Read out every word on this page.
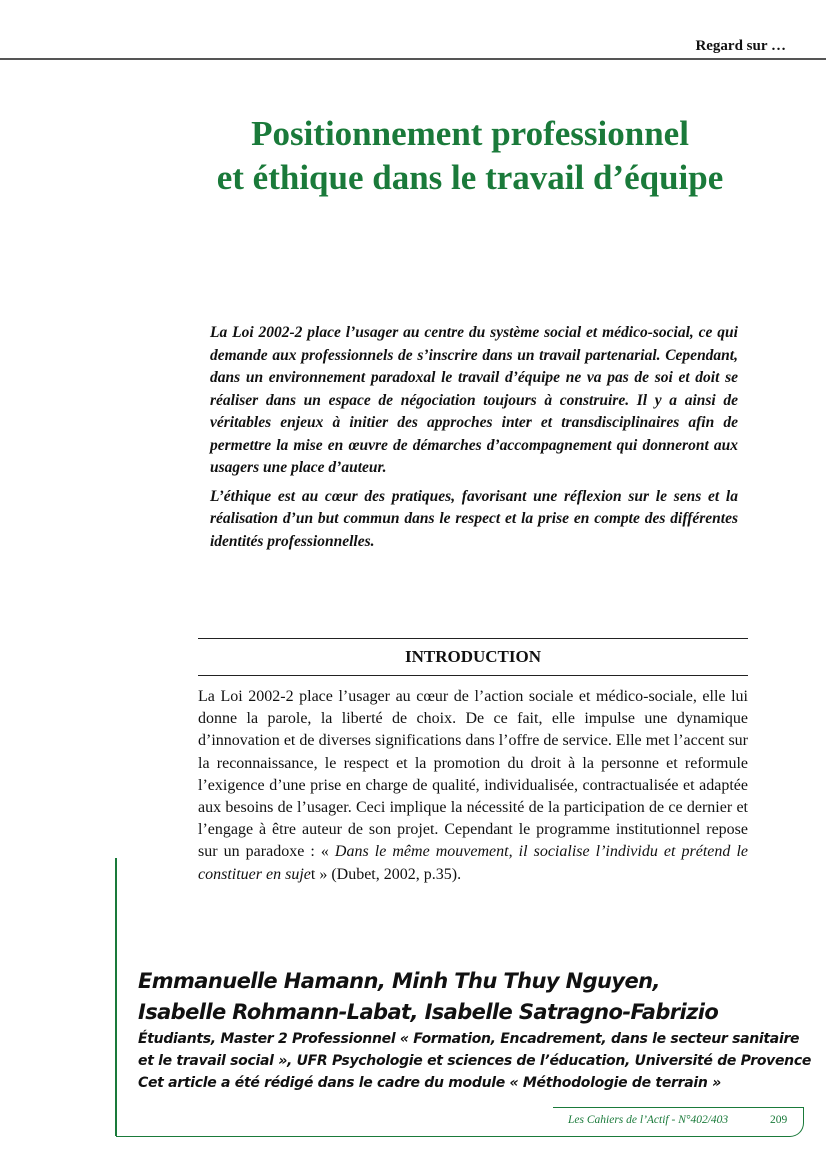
Regard sur …
Positionnement professionnel
et éthique dans le travail d’équipe

La Loi 2002-2 place l’usager au centre du système social et médico-social, ce qui demande aux professionnels de s’inscrire dans un travail partenarial. Cependant, dans un environnement paradoxal le travail d’équipe ne va pas de soi et doit se réaliser dans un espace de négociation toujours à construire. Il y a ainsi de véritables enjeux à initier des approches inter et transdisciplinaires afin de permettre la mise en œuvre de démarches d’accompagnement qui donneront aux usagers une place d’auteur.

L’éthique est au cœur des pratiques, favorisant une réflexion sur le sens et la réalisation d’un but commun dans le respect et la prise en compte des différentes identités professionnelles.

INTRODUCTION

La Loi 2002-2 place l’usager au cœur de l’action sociale et médico-sociale, elle lui donne la parole, la liberté de choix. De ce fait, elle impulse une dynamique d’innovation et de diverses significations dans l’offre de service. Elle met l’accent sur la reconnaissance, le respect et la promotion du droit à la personne et reformule l’exigence d’une prise en charge de qualité, individualisée, contractualisée et adaptée aux besoins de l’usager. Ceci implique la nécessité de la participation de ce dernier et l’engage à être auteur de son projet. Cependant le programme institutionnel repose sur un paradoxe : « Dans le même mouvement, il socialise l’individu et prétend le constituer en sujet » (Dubet, 2002, p.35).

Emmanuelle Hamann, Minh Thu Thuy Nguyen,
Isabelle Rohmann-Labat, Isabelle Satragno-Fabrizio
Étudiants, Master 2 Professionnel « Formation, Encadrement, dans le secteur sanitaire
et le travail social », UFR Psychologie et sciences de l’éducation, Université de Provence
Cet article a été rédigé dans le cadre du module « Méthodologie de terrain »
Les Cahiers de l’Actif - N°402/403	209
